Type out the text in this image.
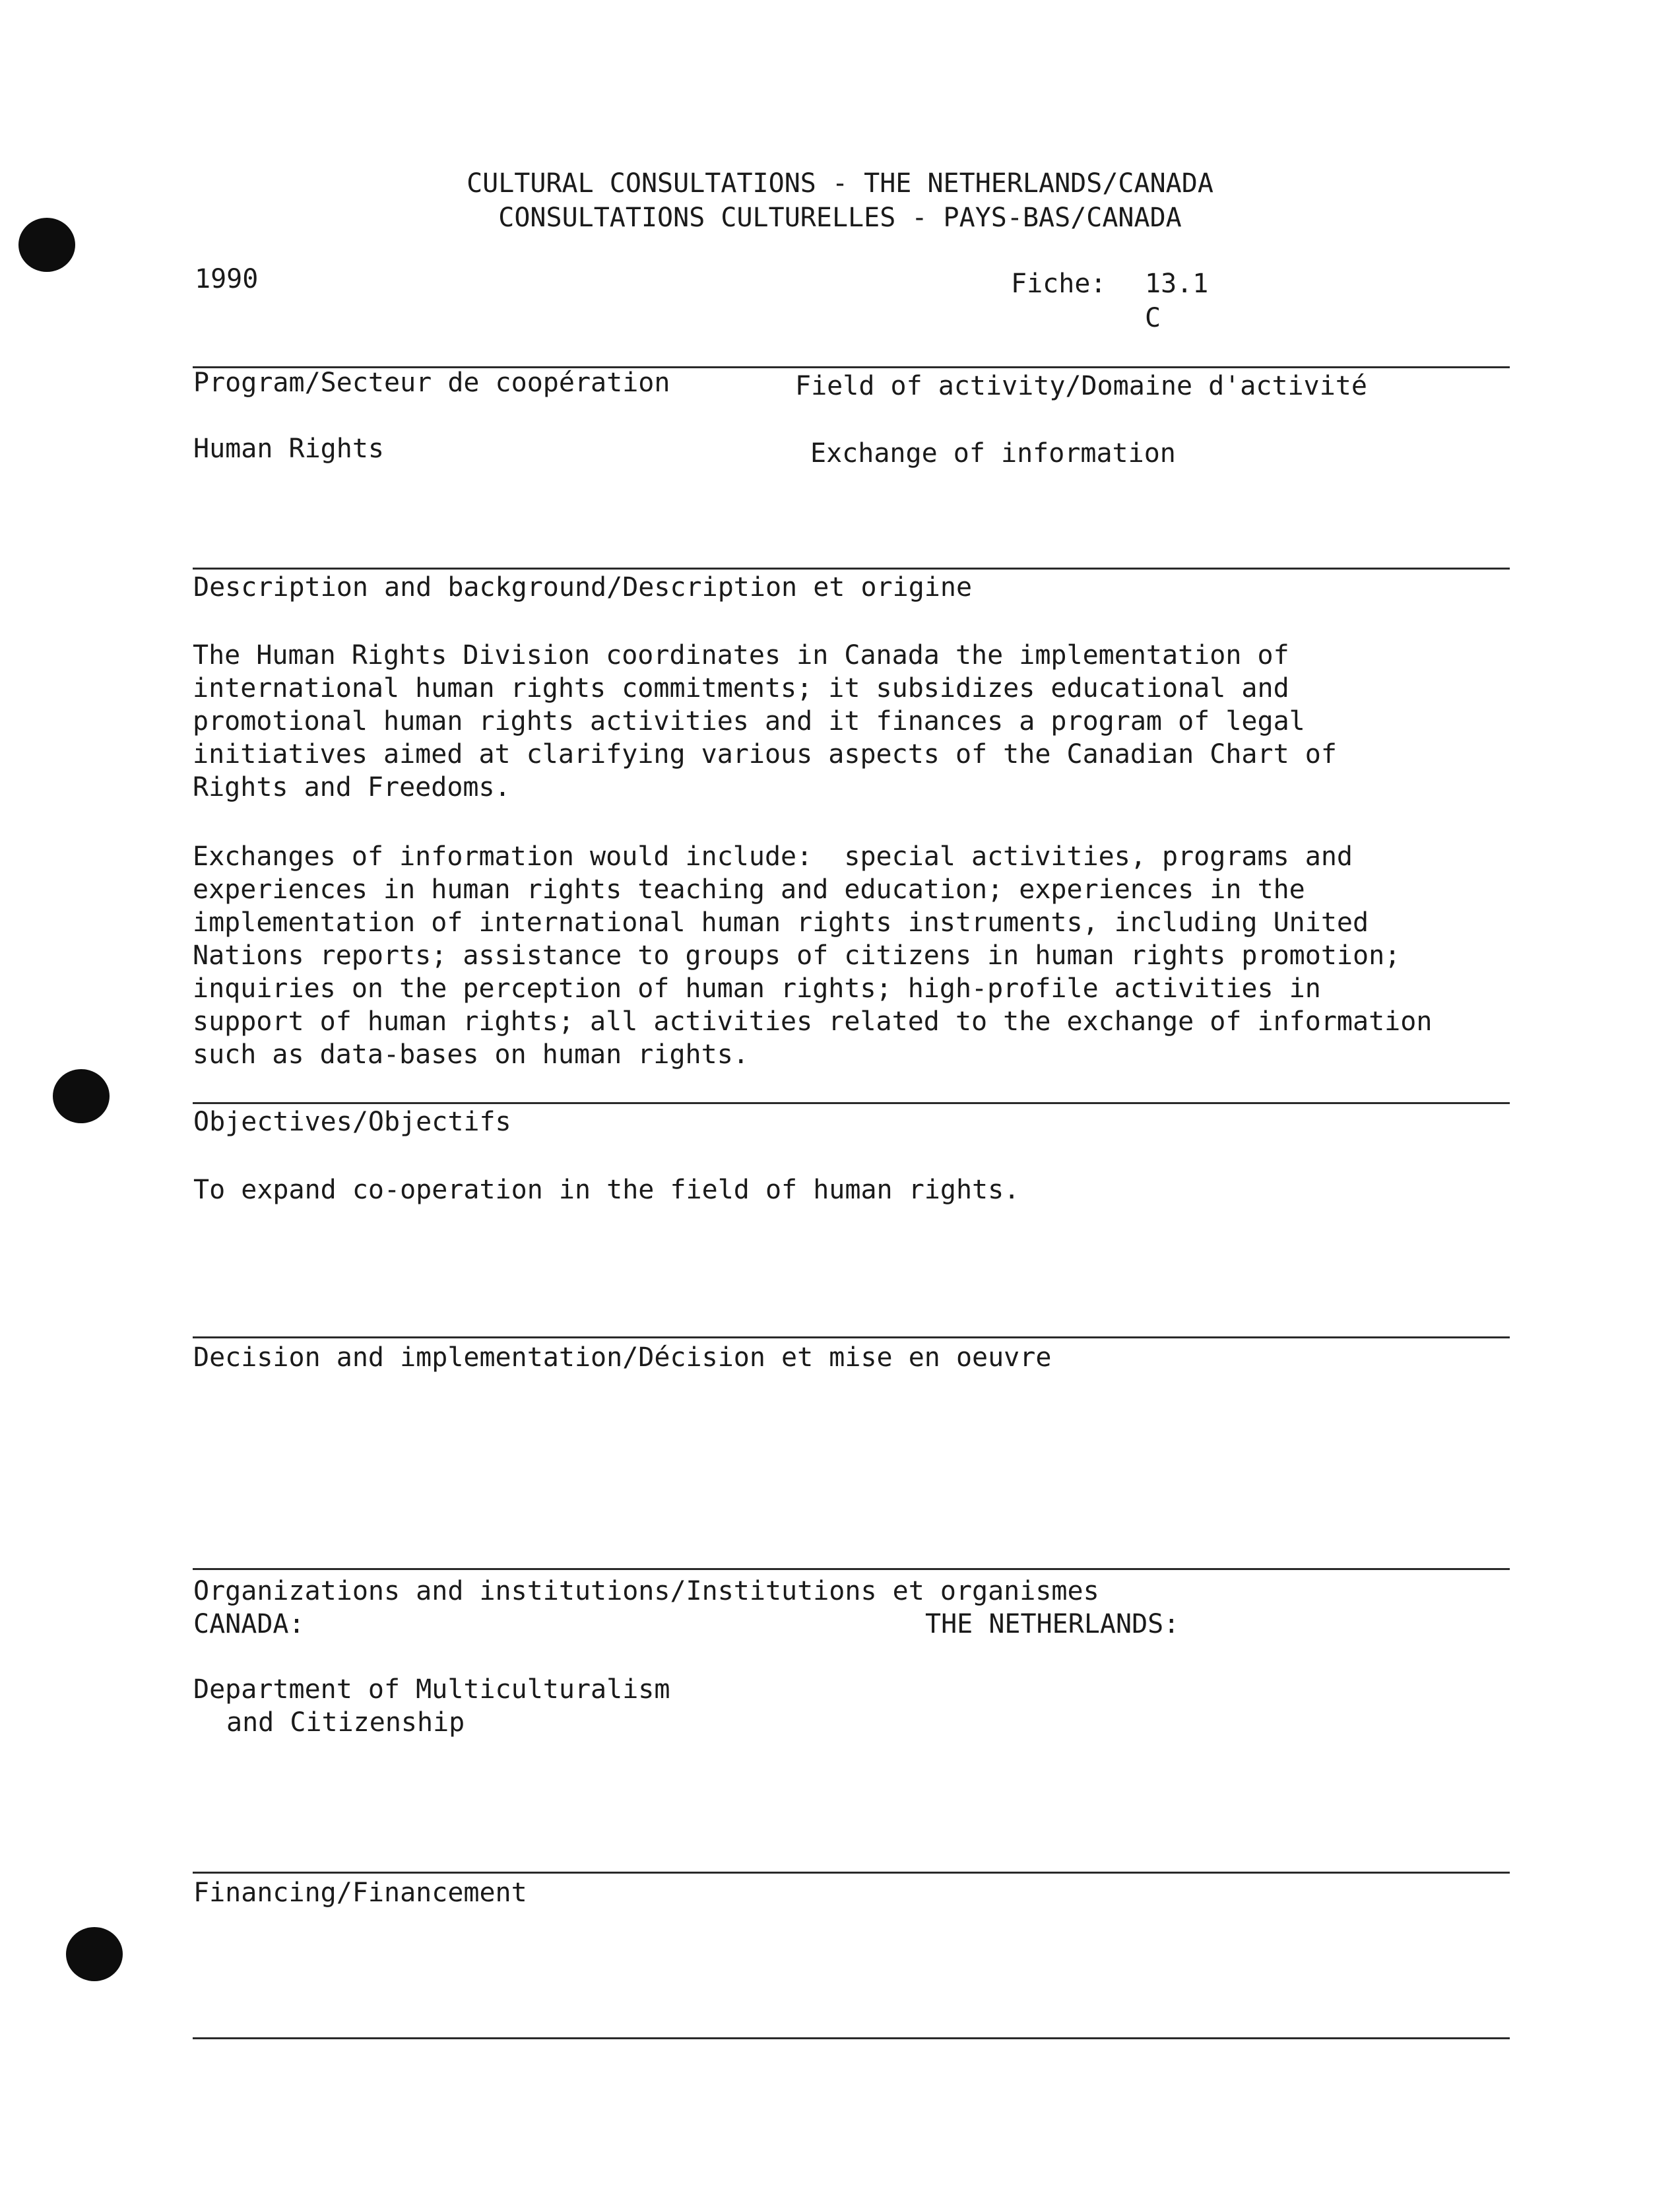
CULTURAL CONSULTATIONS - THE NETHERLANDS/CANADA
CONSULTATIONS CULTURELLES - PAYS-BAS/CANADA
1990	Fiche: 13.1
C
Program/Secteur de coopération	Field of activity/Domaine d'activité
Human Rights	Exchange of information
Description and background/Description et origine
The Human Rights Division coordinates in Canada the implementation of
international human rights commitments; it subsidizes educational and
promotional human rights activities and it finances a program of legal
initiatives aimed at clarifying various aspects of the Canadian Chart of
Rights and Freedoms.
Exchanges of information would include:  special activities, programs and
experiences in human rights teaching and education; experiences in the
implementation of international human rights instruments, including United
Nations reports; assistance to groups of citizens in human rights promotion;
inquiries on the perception of human rights; high-profile activities in
support of human rights; all activities related to the exchange of information
such as data-bases on human rights.
Objectives/Objectifs
To expand co-operation in the field of human rights.
Decision and implementation/Décision et mise en oeuvre
Organizations and institutions/Institutions et organismes
CANADA:	THE NETHERLANDS:
Department of Multiculturalism
and Citizenship
Financing/Financement
